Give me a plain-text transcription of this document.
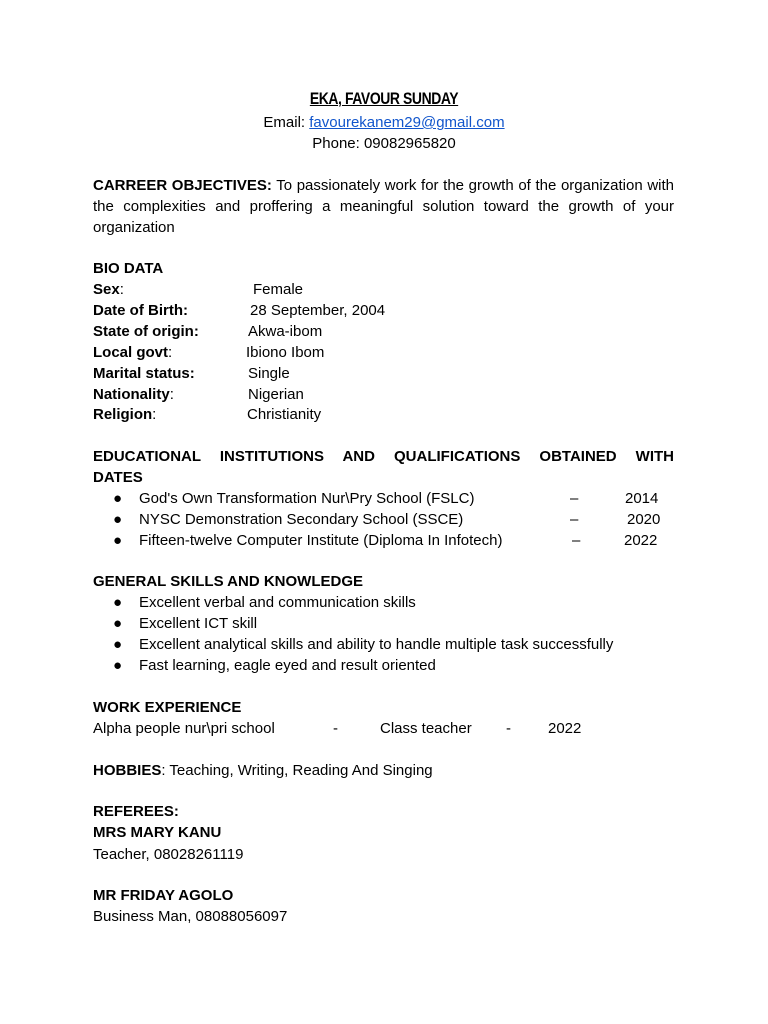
EKA, FAVOUR SUNDAY
Email: favourekanem29@gmail.com
Phone: 09082965820
CARREER OBJECTIVES: To passionately work for the growth of the organization with the complexities and proffering a meaningful solution toward the growth of your organization
BIO DATA
Sex:	Female
Date of Birth:	28 September, 2004
State of origin:	Akwa-ibom
Local govt:	Ibiono Ibom
Marital status:	Single
Nationality:	Nigerian
Religion:	Christianity
EDUCATIONAL INSTITUTIONS AND QUALIFICATIONS OBTAINED WITH
DATES
● God's Own Transformation Nur\Pry School (FSLC)	–	2014
● NYSC Demonstration Secondary School (SSCE)	–	2020
● Fifteen-twelve Computer Institute (Diploma In Infotech)	–	2022
GENERAL SKILLS AND KNOWLEDGE
● Excellent verbal and communication skills
● Excellent ICT skill
● Excellent analytical skills and ability to handle multiple task successfully
● Fast learning, eagle eyed and result oriented
WORK EXPERIENCE
Alpha people nur\pri school	-	Class teacher - 2022
HOBBIES: Teaching, Writing, Reading And Singing
REFEREES:
MRS MARY KANU
Teacher, 08028261119
MR FRIDAY AGOLO
Business Man, 08088056097
